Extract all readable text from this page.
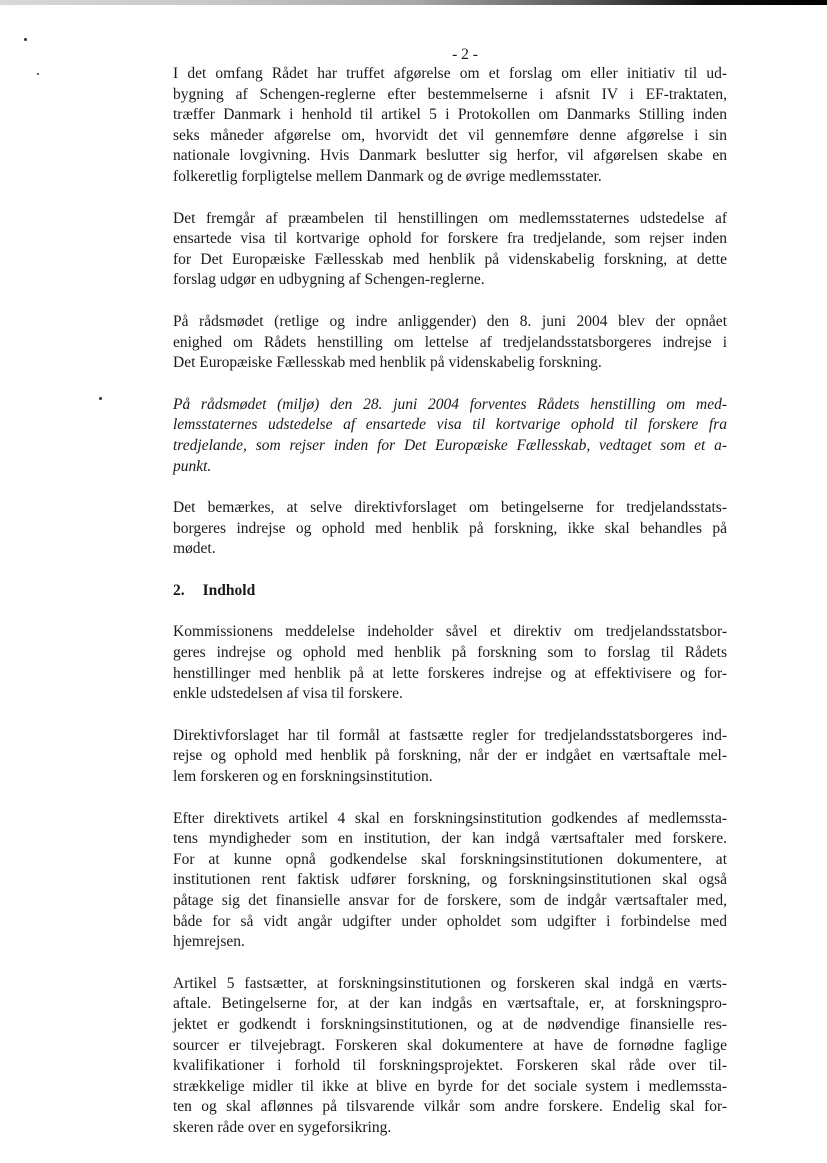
- 2 -
I det omfang Rådet har truffet afgørelse om et forslag om eller initiativ til ud-
bygning af Schengen-reglerne efter bestemmelserne i afsnit IV i EF-traktaten,
træffer Danmark i henhold til artikel 5 i Protokollen om Danmarks Stilling inden
seks måneder afgørelse om, hvorvidt det vil gennemføre denne afgørelse i sin
nationale lovgivning. Hvis Danmark beslutter sig herfor, vil afgørelsen skabe en
folkeretlig forpligtelse mellem Danmark og de øvrige medlemsstater.
Det fremgår af præambelen til henstillingen om medlemsstaternes udstedelse af
ensartede visa til kortvarige ophold for forskere fra tredjelande, som rejser inden
for Det Europæiske Fællesskab med henblik på videnskabelig forskning, at dette
forslag udgør en udbygning af Schengen-reglerne.
På rådsmødet (retlige og indre anliggender) den 8. juni 2004 blev der opnået
enighed om Rådets henstilling om lettelse af tredjelandsstatsborgeres indrejse i
Det Europæiske Fællesskab med henblik på videnskabelig forskning.
På rådsmødet (miljø) den 28. juni 2004 forventes Rådets henstilling om med-
lemsstaternes udstedelse af ensartede visa til kortvarige ophold til forskere fra
tredjelande, som rejser inden for Det Europæiske Fællesskab, vedtaget som et a-
punkt.
Det bemærkes, at selve direktivforslaget om betingelserne for tredjelandsstats-
borgeres indrejse og ophold med henblik på forskning, ikke skal behandles på
mødet.
2. Indhold
Kommissionens meddelelse indeholder såvel et direktiv om tredjelandsstatsbor-
geres indrejse og ophold med henblik på forskning som to forslag til Rådets
henstillinger med henblik på at lette forskeres indrejse og at effektivisere og for-
enkle udstedelsen af visa til forskere.
Direktivforslaget har til formål at fastsætte regler for tredjelandsstatsborgeres ind-
rejse og ophold med henblik på forskning, når der er indgået en værtsaftale mel-
lem forskeren og en forskningsinstitution.
Efter direktivets artikel 4 skal en forskningsinstitution godkendes af medlemssta-
tens myndigheder som en institution, der kan indgå værtsaftaler med forskere.
For at kunne opnå godkendelse skal forskningsinstitutionen dokumentere, at
institutionen rent faktisk udfører forskning, og forskningsinstitutionen skal også
påtage sig det finansielle ansvar for de forskere, som de indgår værtsaftaler med,
både for så vidt angår udgifter under opholdet som udgifter i forbindelse med
hjemrejsen.
Artikel 5 fastsætter, at forskningsinstitutionen og forskeren skal indgå en værts-
aftale. Betingelserne for, at der kan indgås en værtsaftale, er, at forskningspro-
jektet er godkendt i forskningsinstitutionen, og at de nødvendige finansielle res-
sourcer er tilvejebragt. Forskeren skal dokumentere at have de fornødne faglige
kvalifikationer i forhold til forskningsprojektet. Forskeren skal råde over til-
strækkelige midler til ikke at blive en byrde for det sociale system i medlemssta-
ten og skal aflønnes på tilsvarende vilkår som andre forskere. Endelig skal for-
skeren råde over en sygeforsikring.
